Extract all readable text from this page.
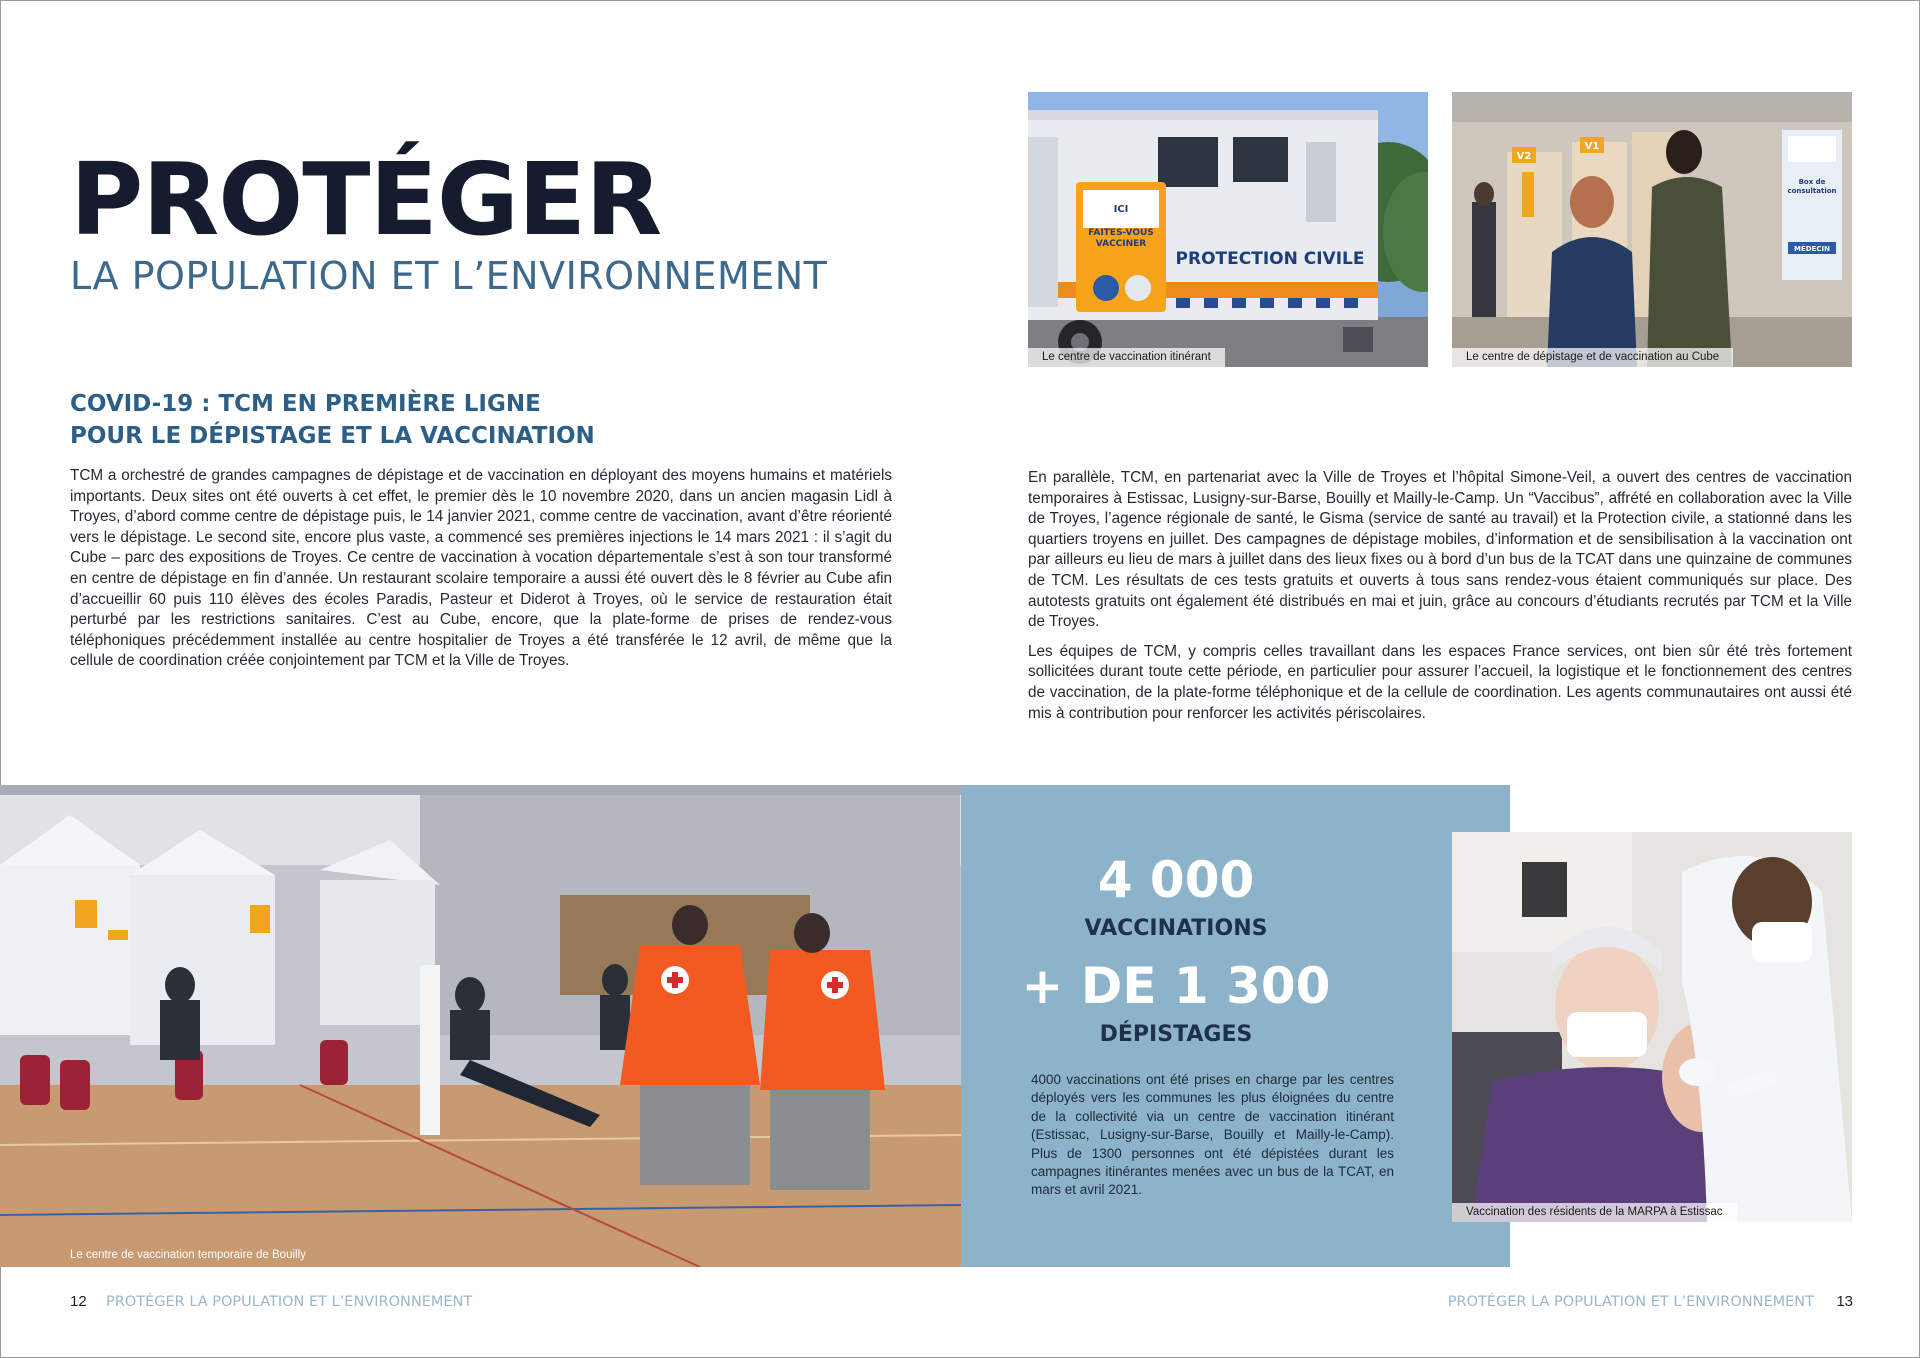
PROTÉGER
LA POPULATION ET L’ENVIRONNEMENT
COVID-19 : TCM EN PREMIÈRE LIGNE
POUR LE DÉPISTAGE ET LA VACCINATION

TCM a orchestré de grandes campagnes de dépistage et de vaccination en déployant des moyens humains et matériels importants. Deux sites ont été ouverts à cet effet, le premier dès le 10 novembre 2020, dans un ancien magasin Lidl à Troyes, d’abord comme centre de dépistage puis, le 14 janvier 2021, comme centre de vaccination, avant d’être réorienté vers le dépistage. Le second site, encore plus vaste, a commencé ses premières injections le 14 mars 2021 : il s’agit du Cube – parc des expositions de Troyes. Ce centre de vaccination à vocation départementale s’est à son tour transformé en centre de dépistage en fin d’année. Un restaurant scolaire temporaire a aussi été ouvert dès le 8 février au Cube afin d’accueillir 60 puis 110 élèves des écoles Paradis, Pasteur et Diderot à Troyes, où le service de restauration était perturbé par les restrictions sanitaires. C’est au Cube, encore, que la plate-forme de prises de rendez-vous téléphoniques précédemment installée au centre hospitalier de Troyes a été transférée le 12 avril, de même que la cellule de coordination créée conjointement par TCM et la Ville de Troyes.

En parallèle, TCM, en partenariat avec la Ville de Troyes et l’hôpital Simone-Veil, a ouvert des centres de vaccination temporaires à Estissac, Lusigny-sur-Barse, Bouilly et Mailly-le-Camp. Un “Vaccibus”, affrété en collaboration avec la Ville de Troyes, l’agence régionale de santé, le Gisma (service de santé au travail) et la Protection civile, a stationné dans les quartiers troyens en juillet. Des campagnes de dépistage mobiles, d’information et de sensibilisation à la vaccination ont par ailleurs eu lieu de mars à juillet dans des lieux fixes ou à bord d’un bus de la TCAT dans une quinzaine de communes de TCM. Les résultats de ces tests gratuits et ouverts à tous sans rendez-vous étaient communiqués sur place. Des autotests gratuits ont également été distribués en mai et juin, grâce au concours d’étudiants recrutés par TCM et la Ville de Troyes.

Les équipes de TCM, y compris celles travaillant dans les espaces France services, ont bien sûr été très fortement sollicitées durant toute cette période, en particulier pour assurer l’accueil, la logistique et le fonctionnement des centres de vaccination, de la plate-forme téléphonique et de la cellule de coordination. Les agents communautaires ont aussi été mis à contribution pour renforcer les activités périscolaires.

PROTECTION CIVILE
ICI
FAITES-VOUS VACCINER
Le centre de vaccination itinérant
V2
V1
Box de consultation
MÉDECIN
Le centre de dépistage et de vaccination au Cube
Le centre de vaccination temporaire de Bouilly
4 000
VACCINATIONS
+ DE 1 300
DÉPISTAGES
4000 vaccinations ont été prises en charge par les centres déployés vers les communes les plus éloignées du centre de la collectivité via un centre de vaccination itinérant (Estissac, Lusigny-sur-Barse, Bouilly et Mailly-le-Camp). Plus de 1300 personnes ont été dépistées durant les campagnes itinérantes menées avec un bus de la TCAT, en mars et avril 2021.
Vaccination des résidents de la MARPA à Estissac
12 PROTÉGER LA POPULATION ET L’ENVIRONNEMENT	PROTÉGER LA POPULATION ET L’ENVIRONNEMENT 13
